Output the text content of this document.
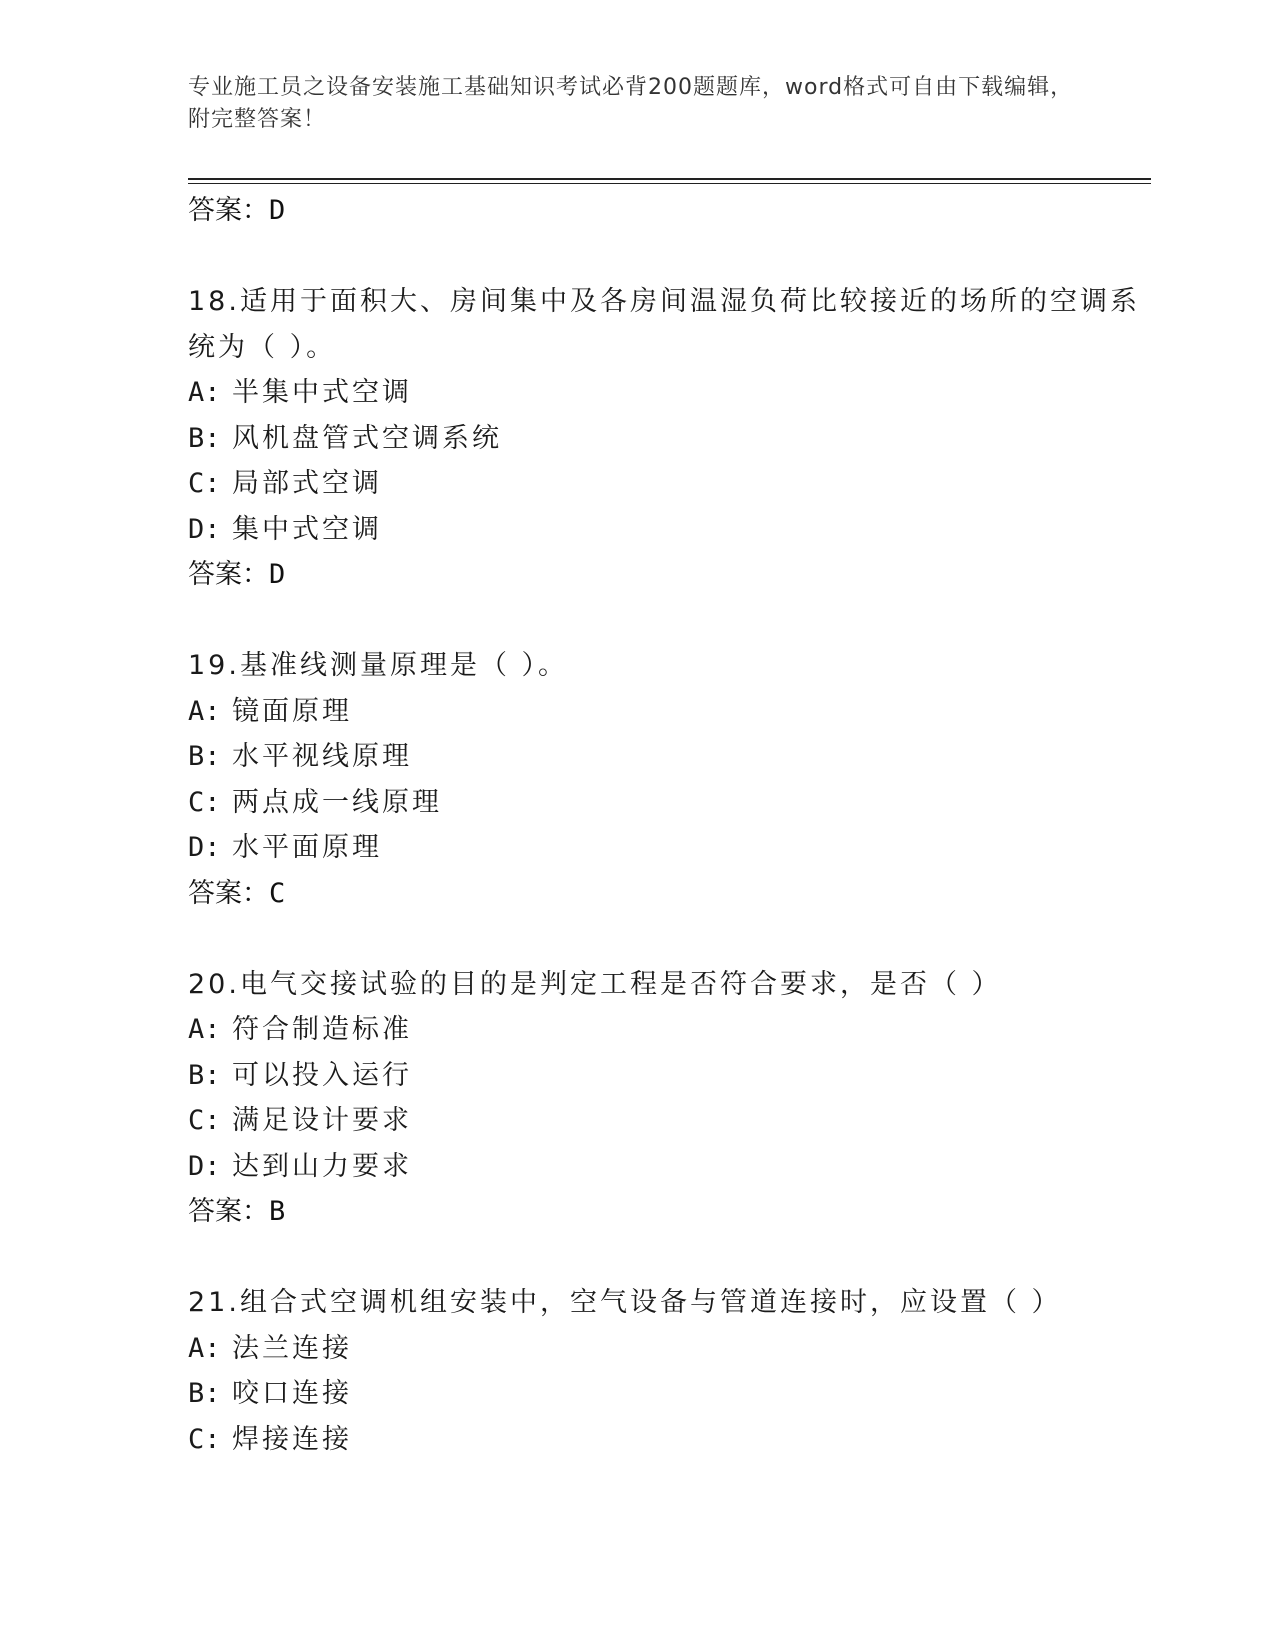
专业施工员之设备安装施工基础知识考试必背200题题库，word格式可自由下载编辑，附完整答案！
答案：D
18.适用于面积大、房间集中及各房间温湿负荷比较接近的场所的空调系统为（ ）。
A: 半集中式空调
B: 风机盘管式空调系统
C: 局部式空调
D: 集中式空调
答案：D
19.基准线测量原理是（ ）。
A: 镜面原理
B: 水平视线原理
C: 两点成一线原理
D: 水平面原理
答案：C
20.电气交接试验的目的是判定工程是否符合要求，是否（ ）
A: 符合制造标准
B: 可以投入运行
C: 满足设计要求
D: 达到山力要求
答案：B
21.组合式空调机组安装中，空气设备与管道连接时，应设置（ ）
A: 法兰连接
B: 咬口连接
C: 焊接连接
